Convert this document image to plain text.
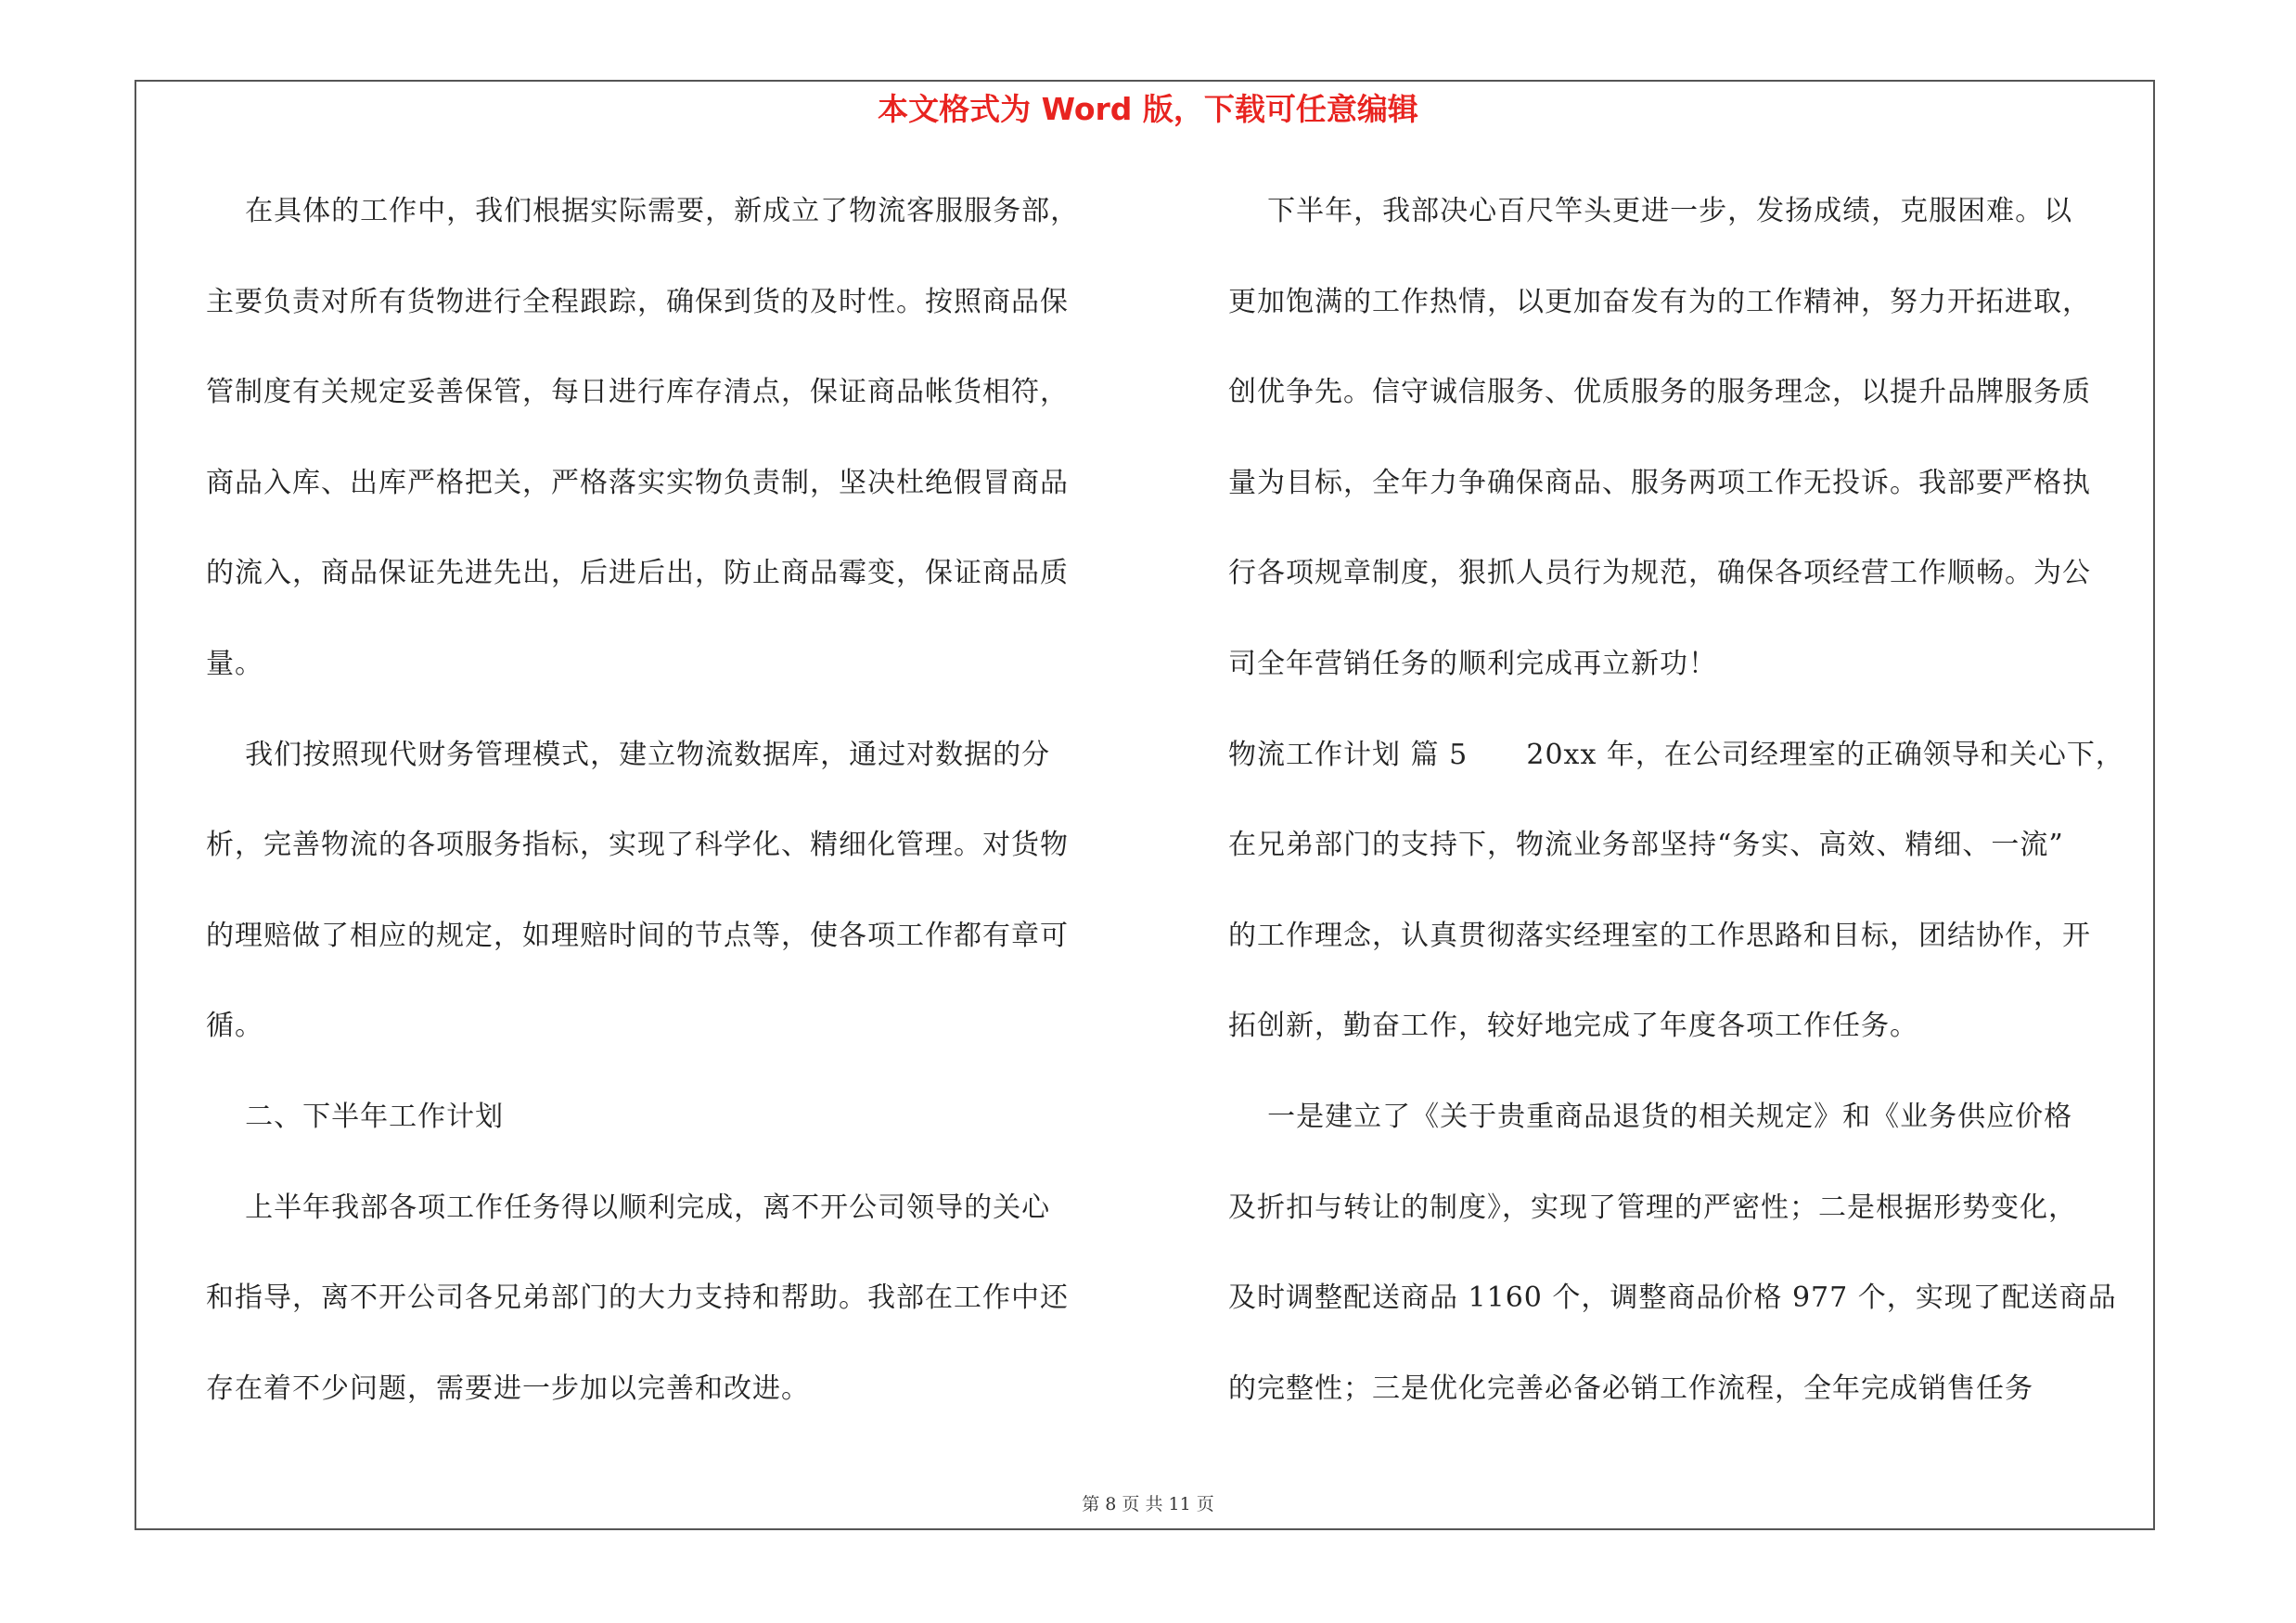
本文格式为 Word 版，下载可任意编辑
在具体的工作中，我们根据实际需要，新成立了物流客服服务部，
主要负责对所有货物进行全程跟踪，确保到货的及时性。按照商品保
管制度有关规定妥善保管，每日进行库存清点，保证商品帐货相符，
商品入库、出库严格把关，严格落实实物负责制，坚决杜绝假冒商品
的流入，商品保证先进先出，后进后出，防止商品霉变，保证商品质
量。
我们按照现代财务管理模式，建立物流数据库，通过对数据的分
析，完善物流的各项服务指标，实现了科学化、精细化管理。对货物
的理赔做了相应的规定，如理赔时间的节点等，使各项工作都有章可
循。
二、下半年工作计划
上半年我部各项工作任务得以顺利完成，离不开公司领导的关心
和指导，离不开公司各兄弟部门的大力支持和帮助。我部在工作中还
存在着不少问题，需要进一步加以完善和改进。
下半年，我部决心百尺竿头更进一步，发扬成绩，克服困难。以
更加饱满的工作热情，以更加奋发有为的工作精神，努力开拓进取，
创优争先。信守诚信服务、优质服务的服务理念，以提升品牌服务质
量为目标，全年力争确保商品、服务两项工作无投诉。我部要严格执
行各项规章制度，狠抓人员行为规范，确保各项经营工作顺畅。为公
司全年营销任务的顺利完成再立新功！
物流工作计划 篇 5      20xx 年，在公司经理室的正确领导和关心下，
在兄弟部门的支持下，物流业务部坚持“务实、高效、精细、一流”
的工作理念，认真贯彻落实经理室的工作思路和目标，团结协作，开
拓创新，勤奋工作，较好地完成了年度各项工作任务。
一是建立了《关于贵重商品退货的相关规定》和《业务供应价格
及折扣与转让的制度》，实现了管理的严密性；二是根据形势变化，
及时调整配送商品 1160 个，调整商品价格 977 个，实现了配送商品
的完整性；三是优化完善必备必销工作流程，全年完成销售任务
第 8 页 共 11 页
